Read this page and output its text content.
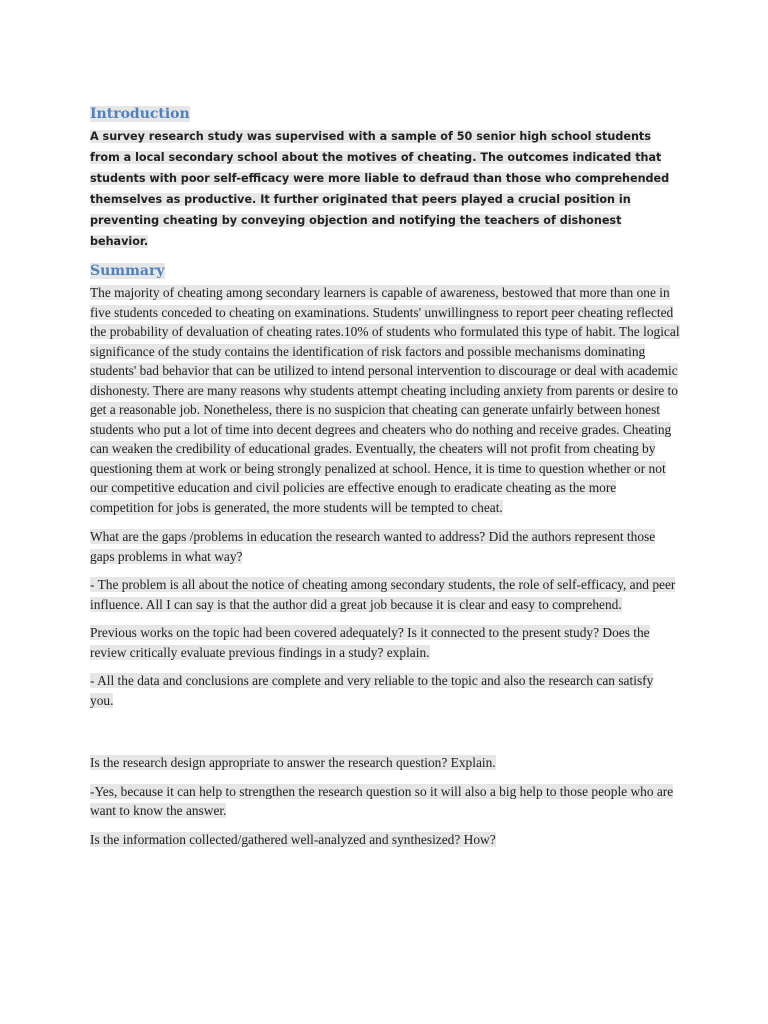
Introduction

A survey research study was supervised with a sample of 50 senior high school students from a local secondary school about the motives of cheating. The outcomes indicated that students with poor self-efficacy were more liable to defraud than those who comprehended themselves as productive. It further originated that peers played a crucial position in preventing cheating by conveying objection and notifying the teachers of dishonest behavior.

Summary

The majority of cheating among secondary learners is capable of awareness, bestowed that more than one in five students conceded to cheating on examinations. Students' unwillingness to report peer cheating reflected the probability of devaluation of cheating rates.10% of students who formulated this type of habit. The logical significance of the study contains the identification of risk factors and possible mechanisms dominating students' bad behavior that can be utilized to intend personal intervention to discourage or deal with academic dishonesty. There are many reasons why students attempt cheating including anxiety from parents or desire to get a reasonable job. Nonetheless, there is no suspicion that cheating can generate unfairly between honest students who put a lot of time into decent degrees and cheaters who do nothing and receive grades. Cheating can weaken the credibility of educational grades. Eventually, the cheaters will not profit from cheating by questioning them at work or being strongly penalized at school. Hence, it is time to question whether or not our competitive education and civil policies are effective enough to eradicate cheating as the more competition for jobs is generated, the more students will be tempted to cheat.

What are the gaps /problems in education the research wanted to address? Did the authors represent those gaps problems in what way?

- The problem is all about the notice of cheating among secondary students, the role of self-efficacy, and peer influence. All I can say is that the author did a great job because it is clear and easy to comprehend.

Previous works on the topic had been covered adequately? Is it connected to the present study? Does the review critically evaluate previous findings in a study? explain.

- All the data and conclusions are complete and very reliable to the topic and also the research can satisfy you.

Is the research design appropriate to answer the research question? Explain.

-Yes, because it can help to strengthen the research question so it will also a big help to those people who are want to know the answer.

Is the information collected/gathered well-analyzed and synthesized? How?
